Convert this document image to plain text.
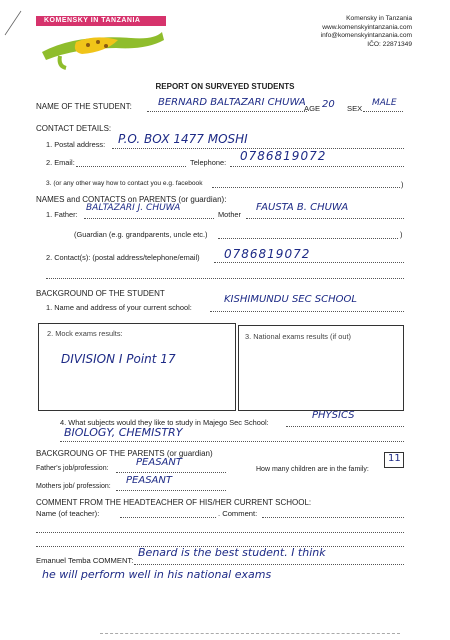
KOMENSKY IN TANZANIA	Komensky in Tanzania
www.komenskyintanzania.com
info@komenskyintanzania.com
IČO: 22871349
REPORT ON SURVEYED STUDENTS
NAME OF THE STUDENT:	BERNARD BALTAZARI CHUWA
AGE 20 SEX
MALE
CONTACT DETAILS:
1. Postal address: P.O. BOX 1477 MOSHI
2. Email:	Telephone: 0786819072
3. (or any other way how to contact you e.g. facebook	)
NAMES and CONTACTS on PARENTS (or guardian):
1. Father:
BALTAZARI J. CHUWA
Mother
FAUSTA B. CHUWA
(Guardian (e.g. grandparents, uncle etc.)	)
2. Contact(s): (postal address/telephone/email) 0786819072
BACKGROUND OF THE STUDENT
1. Name and address of your current school:
KISHIMUNDU SEC SCHOOL
2. Mock exams results:
DIVISION I Point 17
3. National exams results (if out)
4. What subjects would they like to study in Majego Sec School:
PHYSICS
BIOLOGY, CHEMISTRY
BACKGROUNG OF THE PARENTS (or guardian)
Father's job/profession:
PEASANT
How many children are in the family:
11
Mothers job/ profession:
PEASANT
COMMENT FROM THE HEADTEACHER OF HIS/HER CURRENT SCHOOL:
Name (of teacher):	. Comment:
Emanuel Temba COMMENT:
Benard is the best student. I think
he will perform well in his national exams
